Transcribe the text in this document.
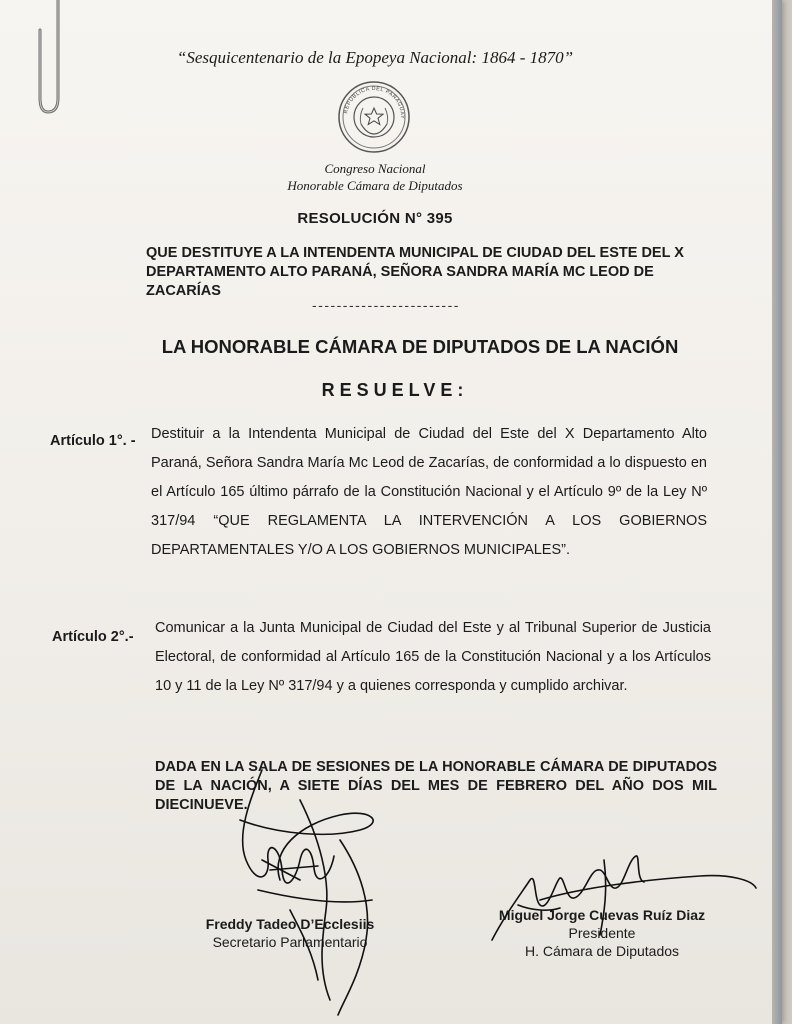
“Sesquicentenario de la Epopeya Nacional: 1864 - 1870”
REPÚBLICA DEL PARAGUAY
Congreso Nacional
Honorable Cámara de Diputados
RESOLUCIÓN N° 395
QUE DESTITUYE A LA INTENDENTA MUNICIPAL DE CIUDAD DEL ESTE DEL X DEPARTAMENTO ALTO PARANÁ, SEÑORA SANDRA MARÍA MC LEOD DE ZACARÍAS
------------------------
LA HONORABLE CÁMARA DE DIPUTADOS DE LA NACIÓN
RESUELVE:
Artículo 1°. - Destituir a la Intendenta Municipal de Ciudad del Este del X Departamento Alto Paraná, Señora Sandra María Mc Leod de Zacarías, de conformidad a lo dispuesto en el Artículo 165 último párrafo de la Constitución Nacional y el Artículo 9º de la Ley Nº 317/94 “QUE REGLAMENTA LA INTERVENCIÓN A LOS GOBIERNOS DEPARTAMENTALES Y/O A LOS GOBIERNOS MUNICIPALES”.
Artículo 2°.-
Comunicar a la Junta Municipal de Ciudad del Este y al Tribunal Superior de Justicia Electoral, de conformidad al Artículo 165 de la Constitución Nacional y a los Artículos 10 y 11 de la Ley Nº 317/94 y a quienes corresponda y cumplido archivar.
DADA EN LA SALA DE SESIONES DE LA HONORABLE CÁMARA DE DIPUTADOS DE LA NACIÓN, A SIETE DÍAS DEL MES DE FEBRERO DEL AÑO DOS MIL DIECINUEVE.
Freddy Tadeo D’Ecclesiis
Secretario Parlamentario
Miguel Jorge Cuevas Ruíz Diaz
Presidente
H. Cámara de Diputados
